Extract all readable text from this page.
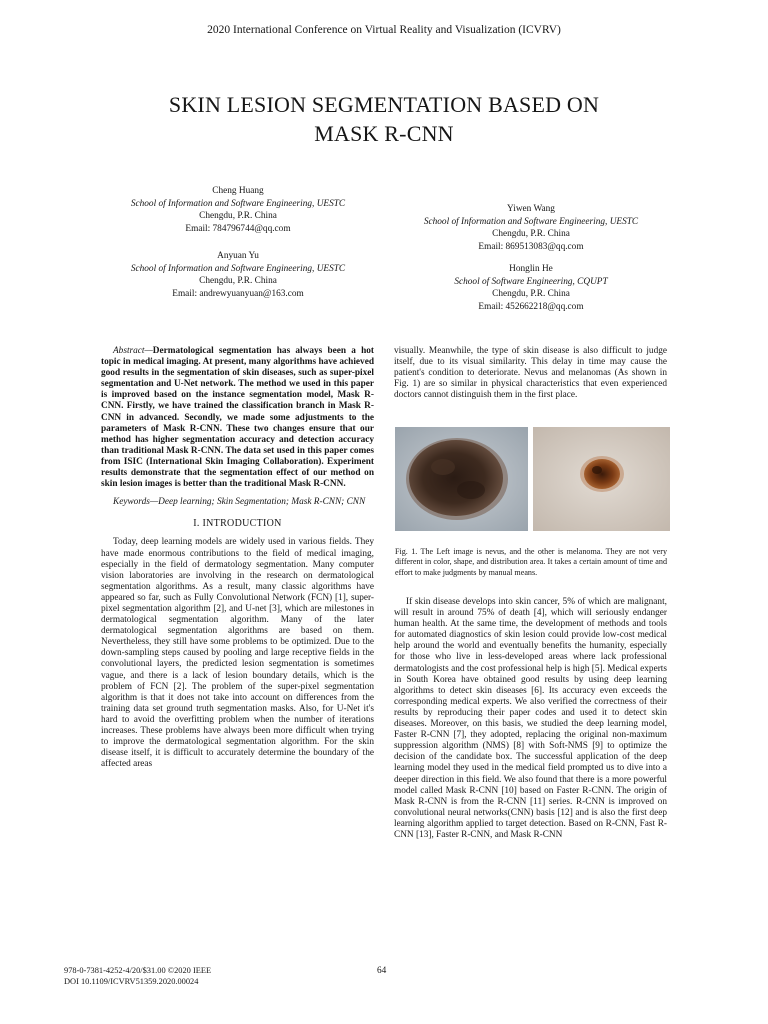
2020 International Conference on Virtual Reality and Visualization (ICVRV)
SKIN LESION SEGMENTATION BASED ON
MASK R-CNN
Cheng Huang
School of Information and Software Engineering, UESTC
Chengdu, P.R. China
Email: 784796744@qq.com
Anyuan Yu
School of Information and Software Engineering, UESTC
Chengdu, P.R. China
Email: andrewyuanyuan@163.com
Yiwen Wang
School of Information and Software Engineering, UESTC
Chengdu, P.R. China
Email: 869513083@qq.com
Honglin He
School of Software Engineering, CQUPT
Chengdu, P.R. China
Email: 452662218@qq.com

Abstract—Dermatological segmentation has always been a hot topic in medical imaging. At present, many algorithms have achieved good results in the segmentation of skin diseases, such as super-pixel segmentation and U-Net network. The method we used in this paper is improved based on the instance segmentation model, Mask R-CNN. Firstly, we have trained the classification branch in Mask R-CNN in advanced. Secondly, we made some adjustments to the parameters of Mask R-CNN. These two changes ensure that our method has higher segmentation accuracy and detection accuracy than traditional Mask R-CNN. The data set used in this paper comes from ISIC (International Skin Imaging Collaboration). Experiment results demonstrate that the segmentation effect of our method on skin lesion images is better than the traditional Mask R-CNN.

Keywords—Deep learning; Skin Segmentation; Mask R-CNN; CNN

I. INTRODUCTION

Today, deep learning models are widely used in various fields. They have made enormous contributions to the field of medical imaging, especially in the field of dermatology segmentation. Many computer vision laboratories are involving in the research on dermatological segmentation algorithms. As a result, many classic algorithms have appeared so far, such as Fully Convolutional Network (FCN) [1], super-pixel segmentation algorithm [2], and U-net [3], which are milestones in dermatological segmentation algorithm. Many of the later dermatological segmentation algorithms are based on them. Nevertheless, they still have some problems to be optimized. Due to the down-sampling steps caused by pooling and large receptive fields in the convolutional layers, the predicted lesion segmentation is sometimes vague, and there is a lack of lesion boundary details, which is the problem of FCN [2]. The problem of the super-pixel segmentation algorithm is that it does not take into account on differences from the training data set ground truth segmentation masks. Also, for U-Net it's hard to avoid the overfitting problem when the number of iterations increases. These problems have always been more difficult when trying to improve the dermatological segmentation algorithm. For the skin disease itself, it is difficult to accurately determine the boundary of the affected areas

visually. Meanwhile, the type of skin disease is also difficult to judge itself, due to its visual similarity. This delay in time may cause the patient's condition to deteriorate. Nevus and melanomas (As shown in Fig. 1) are so similar in physical characteristics that even experienced doctors cannot distinguish them in the first place.

Fig. 1. The Left image is nevus, and the other is melanoma. They are not very different in color, shape, and distribution area. It takes a certain amount of time and effort to make judgments by manual means.

If skin disease develops into skin cancer, 5% of which are malignant, will result in around 75% of death [4], which will seriously endanger human health. At the same time, the development of methods and tools for automated diagnostics of skin lesion could provide low-cost medical help around the world and eventually benefits the humanity, especially for those who live in less-developed areas where lack professional dermatologists and the cost professional help is high [5]. Medical experts in South Korea have obtained good results by using deep learning algorithms to detect skin diseases [6]. Its accuracy even exceeds the corresponding medical experts. We also verified the correctness of their results by reproducing their paper codes and used it to detect skin diseases. Moreover, on this basis, we studied the deep learning model, Faster R-CNN [7], they adopted, replacing the original non-maximum suppression algorithm (NMS) [8] with Soft-NMS [9] to optimize the decision of the candidate box. The successful application of the deep learning model they used in the medical field prompted us to dive into a deeper direction in this field. We also found that there is a more powerful model called Mask R-CNN [10] based on Faster R-CNN. The origin of Mask R-CNN is from the R-CNN [11] series. R-CNN is improved on convolutional neural networks(CNN) basis [12] and is also the first deep learning algorithm applied to target detection. Based on R-CNN, Fast R-CNN [13], Faster R-CNN, and Mask R-CNN

978-0-7381-4252-4/20/$31.00 ©2020 IEEE
DOI 10.1109/ICVRV51359.2020.00024
64
